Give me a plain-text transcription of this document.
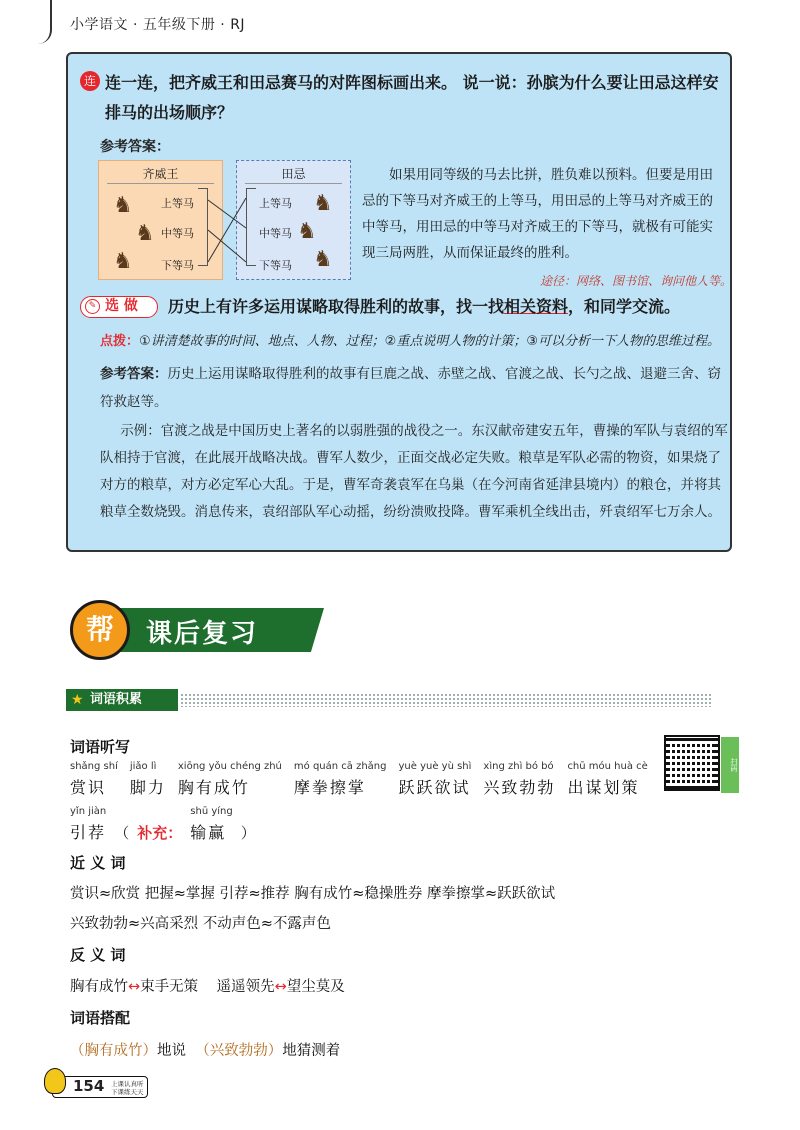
小学语文 · 五年级下册 · RJ
连 连一连，把齐威王和田忌赛马的对阵图标画出来。 说一说：孙膑为什么要让田忌这样安排马的出场顺序？
参考答案：
齐威王
♞
♞
♞
上等马
中等马
下等马
田忌
上等马
中等马
下等马
♞
♞
♞
如果用同等级的马去比拼，胜负难以预料。但要是用田忌的下等马对齐威王的上等马，用田忌的上等马对齐威王的中等马，用田忌的中等马对齐威王的下等马，就极有可能实现三局两胜，从而保证最终的胜利。
途径：网络、图书馆、询问他人等。
✎ 选 做	历史上有许多运用谋略取得胜利的故事，找一找相关资料，和同学交流。
点拨：①讲清楚故事的时间、地点、人物、过程；②重点说明人物的计策；③可以分析一下人物的思维过程。
参考答案：历史上运用谋略取得胜利的故事有巨鹿之战、赤壁之战、官渡之战、长勺之战、退避三舍、窃符救赵等。
示例：官渡之战是中国历史上著名的以弱胜强的战役之一。东汉献帝建安五年，曹操的军队与袁绍的军队相持于官渡，在此展开战略决战。曹军人数少，正面交战必定失败。粮草是军队必需的物资，如果烧了对方的粮草，对方必定军心大乱。于是，曹军奇袭袁军在乌巢（在今河南省延津县境内）的粮仓，并将其粮草全数烧毁。消息传来，袁绍部队军心动摇，纷纷溃败投降。曹军乘机全线出击，歼袁绍军七万余人。
帮	课后复习
★ 词语积累
词语听写
shǎng shí
赏识
jiǎo lì
脚力
xiōng yǒu chéng zhú
胸有成竹
mó quán cā zhǎng
摩拳擦掌
yuè yuè yù shì
跃跃欲试
xìng zhì bó bó
兴致勃勃
chū móu huà cè
出谋划策
yǐn jiàn
引荐 （ 补充：
shū yíng
输赢 ）
扫码
近 义 词
赏识≈欣赏 把握≈掌握 引荐≈推荐 胸有成竹≈稳操胜券 摩拳擦掌≈跃跃欲试
兴致勃勃≈兴高采烈 不动声色≈不露声色
反 义 词
胸有成竹↔束手无策 遥遥领先↔望尘莫及
词语搭配
（胸有成竹）地说 （兴致勃勃）地猜测着
154 上课认真听
下课练天天
